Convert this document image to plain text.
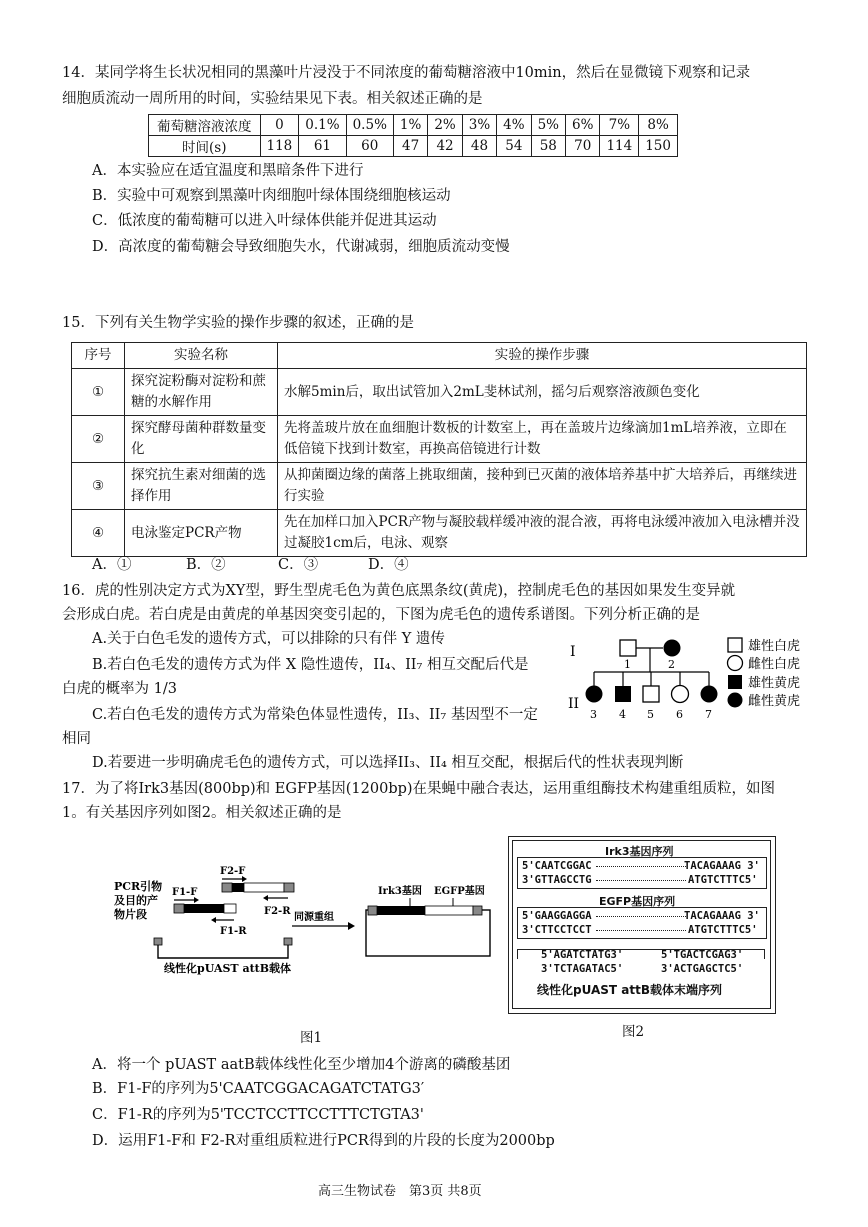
14．某同学将生长状况相同的黑藻叶片浸没于不同浓度的葡萄糖溶液中10min，然后在显微镜下观察和记录
细胞质流动一周所用的时间，实验结果见下表。相关叙述正确的是
葡萄糖溶液浓度	0	0.1%	0.5%	1%	2%	3%	4%	5%	6%	7%	8%
时间(s)	118	61	60	47	42	48	54	58	70	114	150
A．本实验应在适宜温度和黑暗条件下进行
B．实验中可观察到黑藻叶肉细胞叶绿体围绕细胞核运动
C．低浓度的葡萄糖可以进入叶绿体供能并促进其运动
D．高浓度的葡萄糖会导致细胞失水，代谢减弱，细胞质流动变慢
15．下列有关生物学实验的操作步骤的叙述，正确的是
序号	实验名称	实验的操作步骤
①	探究淀粉酶对淀粉和蔗糖的水解作用	水解5min后，取出试管加入2mL斐林试剂，摇匀后观察溶液颜色变化
②	探究酵母菌种群数量变化	先将盖玻片放在血细胞计数板的计数室上，再在盖玻片边缘滴加1mL培养液，立即在低倍镜下找到计数室，再换高倍镜进行计数
③	探究抗生素对细菌的选择作用	从抑菌圈边缘的菌落上挑取细菌，接种到已灭菌的液体培养基中扩大培养后，再继续进行实验
④	电泳鉴定PCR产物	先在加样口加入PCR产物与凝胶载样缓冲液的混合液，再将电泳缓冲液加入电泳槽并没过凝胶1cm后，电泳、观察
A．①	B．②	C．③	D．④
16．虎的性别决定方式为XY型，野生型虎毛色为黄色底黑条纹(黄虎)，控制虎毛色的基因如果发生变异就
会形成白虎。若白虎是由黄虎的单基因突变引起的，下图为虎毛色的遗传系谱图。下列分析正确的是
A.关于白色毛发的遗传方式，可以排除的只有伴 Y 遗传
B.若白色毛发的遗传方式为伴 X 隐性遗传，II₄、II₇ 相互交配后代是
白虎的概率为 1/3
C.若白色毛发的遗传方式为常染色体显性遗传，II₃、II₇ 基因型不一定
相同
D.若要进一步明确虎毛色的遗传方式，可以选择II₃、II₄ 相互交配，根据后代的性状表现判断
I
II
1	2
3 4 5 6 7
雄性白虎
雌性白虎
雄性黄虎
雌性黄虎
17．为了将Irk3基因(800bp)和 EGFP基因(1200bp)在果蝇中融合表达，运用重组酶技术构建重组质粒，如图
1。有关基因序列如图2。相关叙述正确的是
PCR引物
及目的产
物片段
F2-F
F2-R
F1-F
F1-R
线性化pUAST attB载体
同源重组
Irk3基因 EGFP基因
图1
Irk3基因序列
5'CAATCGGAC	TACAGAAAG 3'
3'GTTAGCCTG	ATGTCTTTC5'
EGFP基因序列
5'GAAGGAGGA	TACAGAAAG 3'
3'CTTCCTCCT	ATGTCTTTC5'
5'AGATCTATG3'	5'TGACTCGAG3'
3'TCTAGATAC5'	3'ACTGAGCTC5'
线性化pUAST attB载体末端序列
图2
A．将一个 pUAST aatB载体线性化至少增加4个游离的磷酸基团
B．F1-F的序列为5'CAATCGGACAGATCTATG3′
C．F1-R的序列为5'TCCTCCTTCCTTTCTGTA3'
D．运用F1-F和 F2-R对重组质粒进行PCR得到的片段的长度为2000bp
高三生物试卷　第3页 共8页
